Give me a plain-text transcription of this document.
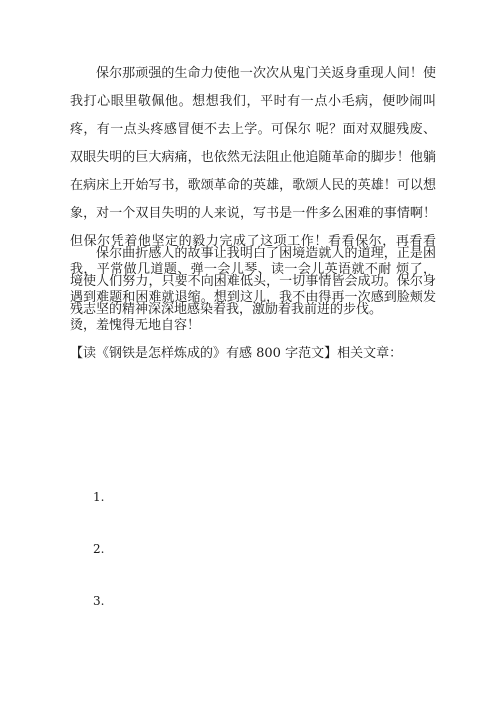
保尔那顽强的生命力使他一次次从鬼门关返身重现人间！使我打心眼里敬佩他。想想我们，平时有一点小毛病，便吵闹叫疼，有一点头疼感冒便不去上学。可保尔 呢？面对双腿残废、双眼失明的巨大病痛，也依然无法阻止他追随革命的脚步！他躺在病床上开始写书，歌颂革命的英雄，歌颂人民的英雄！可以想象，对一个双目失明的人来说，写书是一件多么困难的事情啊！但保尔凭着他坚定的毅力完成了这项工作！看看保尔，再看看我，平常做几道题、弹一会儿琴、读一会儿英语就不耐 烦了，遇到难题和困难就退缩。想到这儿，我不由得再一次感到脸颊发烫，羞愧得无地自容！

保尔曲折感人的故事让我明白了困境造就人的道理，正是困境使人们努力，只要不向困难低头，一切事情皆会成功。保尔身残志坚的精神深深地感染着我，激励着我前进的步伐。

【读《钢铁是怎样炼成的》有感 800 字范文】相关文章：

1.

2.

3.
